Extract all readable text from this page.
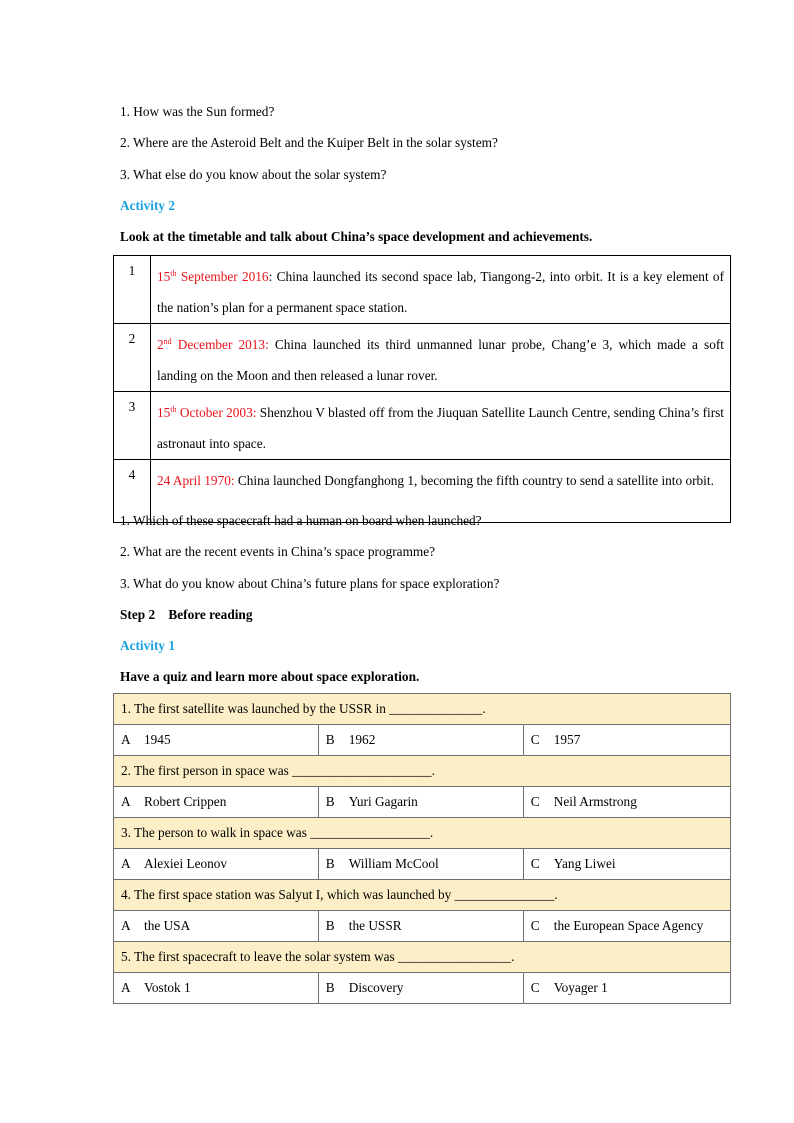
1. How was the Sun formed?
2. Where are the Asteroid Belt and the Kuiper Belt in the solar system?
3. What else do you know about the solar system?
Activity 2
Look at the timetable and talk about China’s space development and achievements.
1	15th September 2016: China launched its second space lab, Tiangong-2, into orbit. It is a key element of the nation’s plan for a permanent space station.
2	2nd December 2013: China launched its third unmanned lunar probe, Chang’e 3, which made a soft landing on the Moon and then released a lunar rover.
3	15th October 2003: Shenzhou V blasted off from the Jiuquan Satellite Launch Centre, sending China’s first astronaut into space.
4	24 April 1970: China launched Dongfanghong 1, becoming the fifth country to send a satellite into orbit.
1. Which of these spacecraft had a human on board when launched?
2. What are the recent events in China’s space programme?
3. What do you know about China’s future plans for space exploration?
Step 2    Before reading
Activity 1
Have a quiz and learn more about space exploration.
1. The first satellite was launched by the USSR in ______________.		
A 1945	B 1962	C 1957
2. The first person in space was _____________________.		
A Robert Crippen	B Yuri Gagarin	C Neil Armstrong
3. The person to walk in space was __________________.		
A Alexiei Leonov	B William McCool	C Yang Liwei
4. The first space station was Salyut I, which was launched by _______________.		
A the USA	B the USSR	C the European Space Agency
5. The first spacecraft to leave the solar system was _________________.		
A Vostok 1	B Discovery	C Voyager 1
